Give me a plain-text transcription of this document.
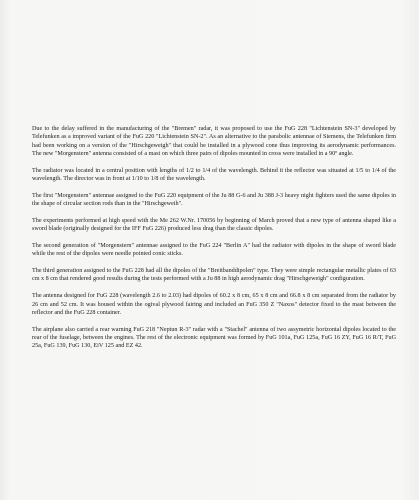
Due to the delay suffered in the manufacturing of the "Bremen" radar, it was proposed to use the FuG 228 "Lichtenstein SN-3" developed by Telefunken as a improved variant of the FuG 220 "Lichtenstein SN-2". As an alternative to the parabolic antennae of Siemens, the Telefunken firm had been working on a version of the "Hirschgeweigh" that could be installed in a plywood cone thus improving its aerodynamic performances. The new "Morgenstern" antenna consisted of a mast on which three pairs of dipoles mounted in cross were installed in a 90º angle.

The radiator was located in a central position with lengths of 1/2 to 1/4 of the wavelength. Behind it the reflector was situated at 1/5 to 1/4 of the wavelength. The director was in front at 1/10 to 1/8 of the wavelength.

The first "Morgenstern" antennae assigned to the FuG 220 equipment of the Ju 88 G-6 and Ju 388 J-3 heavy night fighters used the same dipoles in the shape of circular section rods than in the "Hirschgeweih".

The experiments performed at high speed with the Me 262 W.Nr. 170056 by beginning of March proved that a new type of antenna shaped like a sword blade (originally designed for the IFF FuG 226) produced less drag than the classic dipoles.

The second generation of "Morgenstern" antennae assigned to the FuG 224 "Berlin A" had the radiator with dipoles in the shape of sword blade while the rest of the dipoles were needle pointed conic sticks.

The third generation assigned to the FuG 228 had all the dipoles of the "Breitbanddipolen" type. They were simple rectangular metallic plates of 63 cm x 8 cm that rendered good results during the tests performed with a Ju 88 in high aerodynamic drag "Hirschgeweigh" configuration.

The antenna designed for FuG 228 (wavelength 2.6 to 2.03) had dipoles of 60.2 x 8 cm, 65 x 8 cm and 66.8 x 8 cm separated from the radiator by 26 cm and 52 cm. It was housed within the ogival plywood fairing and included an FuG 350 Z "Naxos" detector fixed to the mast between the reflector and the FuG 228 container.

The airplane also carried a rear warning FuG 218 "Neptun R-3" radar with a "Stachel" antenna of two assymetric horizontal dipoles located to the rear of the fuselage, between the engines. The rest of the electronic equipment was formed by FuG 101a, FuG 125a, FuG 16 ZY, FuG 16 R/T, FuG 25a, FuG 139, FuG 130, EiV 125 and EZ 42.
